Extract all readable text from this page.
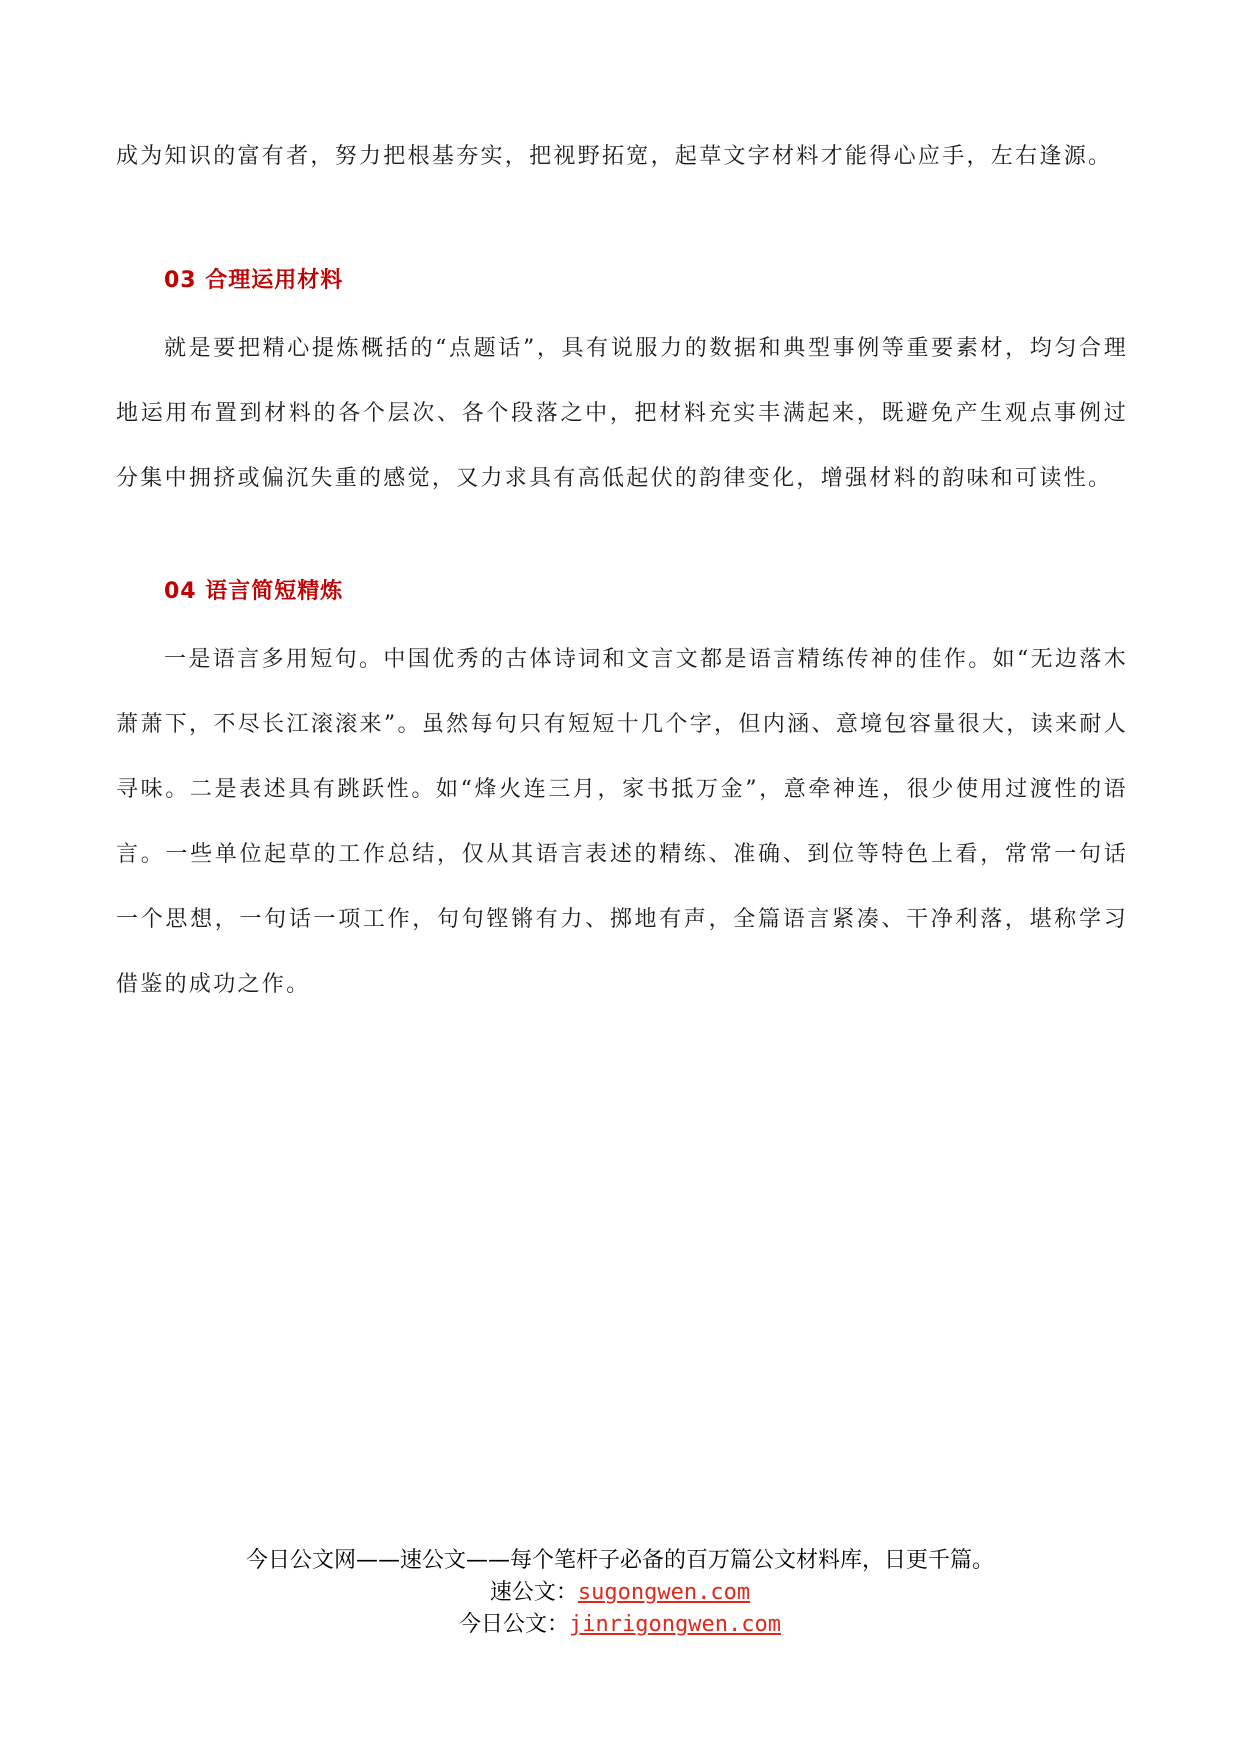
成为知识的富有者，努力把根基夯实，把视野拓宽，起草文字材料才能得心应手，左右逢源。

03 合理运用材料

就是要把精心提炼概括的“点题话”，具有说服力的数据和典型事例等重要素材，均匀合理地运用布置到材料的各个层次、各个段落之中，把材料充实丰满起来，既避免产生观点事例过分集中拥挤或偏沉失重的感觉，又力求具有高低起伏的韵律变化，增强材料的韵味和可读性。

04 语言简短精炼

一是语言多用短句。中国优秀的古体诗词和文言文都是语言精练传神的佳作。如“无边落木萧萧下，不尽长江滚滚来”。虽然每句只有短短十几个字，但内涵、意境包容量很大，读来耐人寻味。二是表述具有跳跃性。如“烽火连三月，家书抵万金”，意牵神连，很少使用过渡性的语言。一些单位起草的工作总结，仅从其语言表述的精练、准确、到位等特色上看，常常一句话一个思想，一句话一项工作，句句铿锵有力、掷地有声，全篇语言紧凑、干净利落，堪称学习借鉴的成功之作。

今日公文网——速公文——每个笔杆子必备的百万篇公文材料库，日更千篇。
速公文：sugongwen.com
今日公文：jinrigongwen.com
